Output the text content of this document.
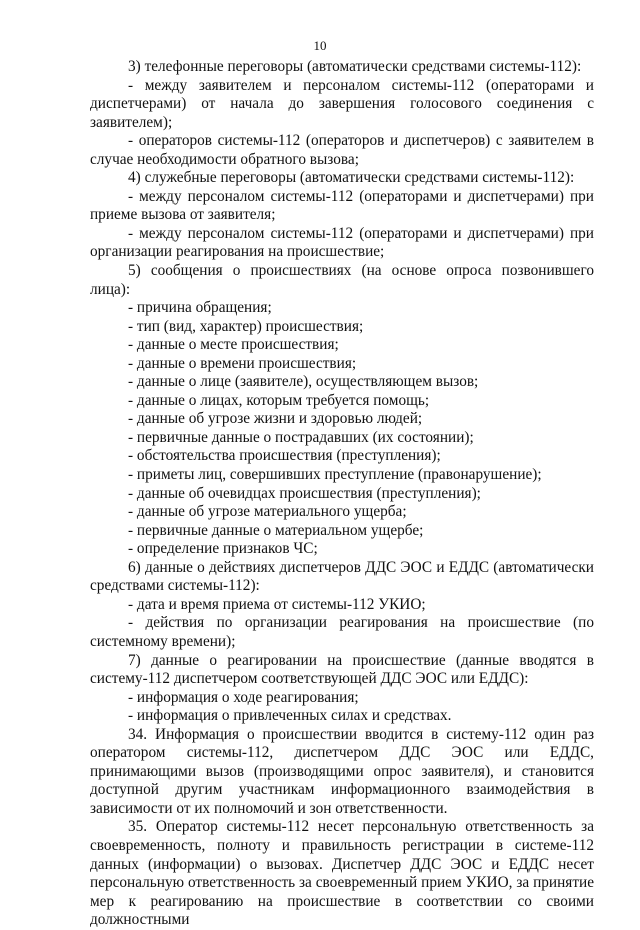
10

3) телефонные переговоры (автоматически средствами системы-112):

- между заявителем и персоналом системы-112 (операторами и диспетчерами) от начала до завершения голосового соединения с заявителем);

- операторов системы-112 (операторов и диспетчеров) с заявителем в случае необходимости обратного вызова;

4) служебные переговоры (автоматически средствами системы-112):

- между персоналом системы-112 (операторами и диспетчерами) при приеме вызова от заявителя;

- между персоналом системы-112 (операторами и диспетчерами) при организации реагирования на происшествие;

5) сообщения о происшествиях (на основе опроса позвонившего лица):

- причина обращения;

- тип (вид, характер) происшествия;

- данные о месте происшествия;

- данные о времени происшествия;

- данные о лице (заявителе), осуществляющем вызов;

- данные о лицах, которым требуется помощь;

- данные об угрозе жизни и здоровью людей;

- первичные данные о пострадавших (их состоянии);

- обстоятельства происшествия (преступления);

- приметы лиц, совершивших преступление (правонарушение);

- данные об очевидцах происшествия (преступления);

- данные об угрозе материального ущерба;

- первичные данные о материальном ущербе;

- определение признаков ЧС;

6) данные о действиях диспетчеров ДДС ЭОС и ЕДДС (автоматически средствами системы-112):

- дата и время приема от системы-112 УКИО;

- действия по организации реагирования на происшествие (по системному времени);

7) данные о реагировании на происшествие (данные вводятся в систему-112 диспетчером соответствующей ДДС ЭОС или ЕДДС):

- информация о ходе реагирования;

- информация о привлеченных силах и средствах.

34. Информация о происшествии вводится в систему-112 один раз оператором системы-112, диспетчером ДДС ЭОС или ЕДДС, принимающими вызов (производящими опрос заявителя), и становится доступной другим участникам информационного взаимодействия в зависимости от их полномочий и зон ответственности.

35. Оператор системы-112 несет персональную ответственность за своевременность, полноту и правильность регистрации в системе-112 данных (информации) о вызовах. Диспетчер ДДС ЭОС и ЕДДС несет персональную ответственность за своевременный прием УКИО, за принятие мер к реагированию на происшествие в соответствии со своими должностными
